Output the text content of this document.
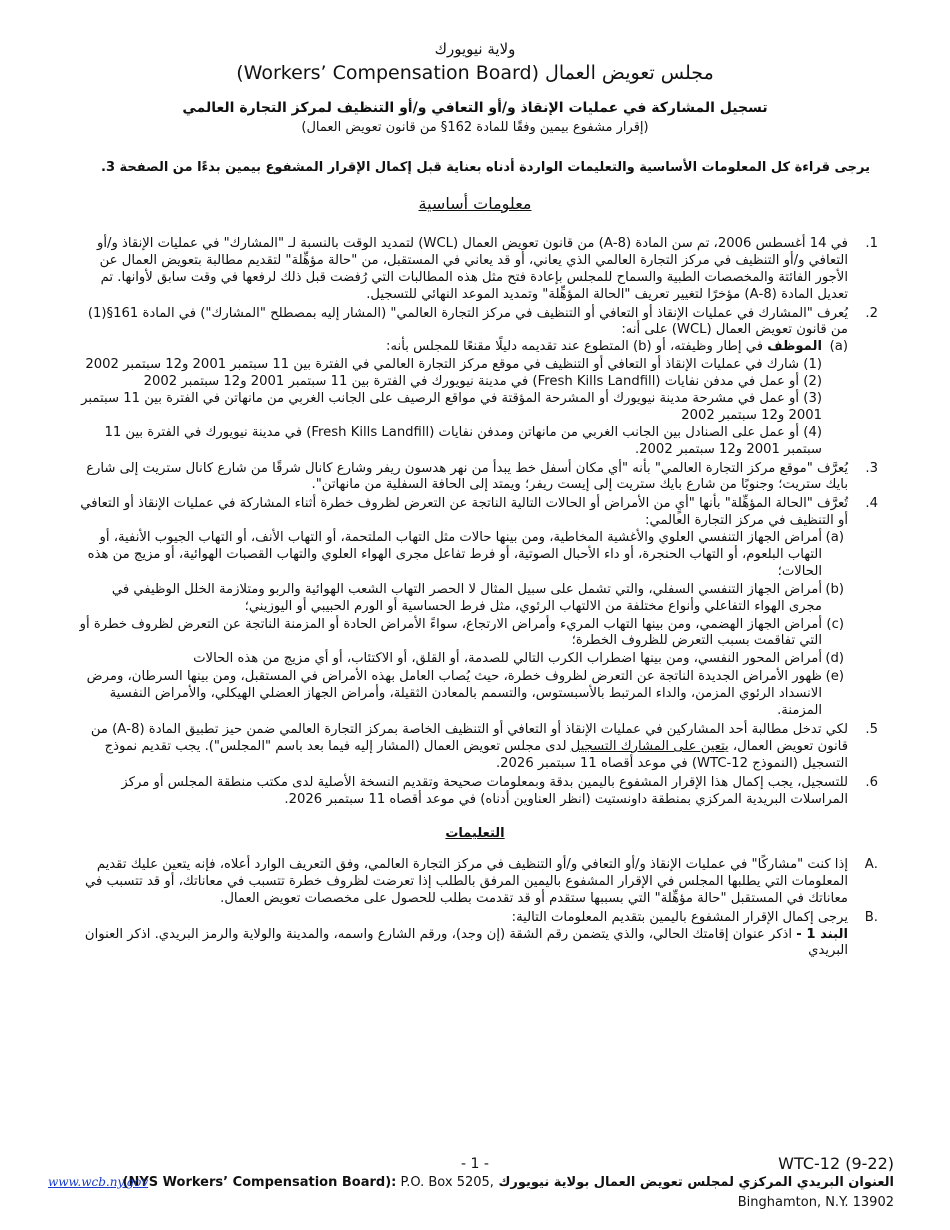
ولاية نيويورك
مجلس تعويض العمال (Workers’ Compensation Board)
تسجيل المشاركة في عمليات الإنقاذ و/أو التعافي و/أو التنظيف لمركز التجارة العالمي
(إقرار مشفوع بيمين وفقًا للمادة 162§ من قانون تعويض العمال)
يرجى قراءة كل المعلومات الأساسية والتعليمات الواردة أدناه بعناية قبل إكمال الإقرار المشفوع بيمين بدءًا من الصفحة 3.
معلومات أساسية
1.
في 14 أغسطس 2006، تم سن المادة (8-A) من قانون تعويض العمال (WCL) لتمديد الوقت بالنسبة لـ "المشارك" في عمليات الإنقاذ و/أو التعافي و/أو التنظيف في مركز التجارة العالمي الذي يعاني، أو قد يعاني في المستقبل، من "حالة مؤهِّلة" لتقديم مطالبة بتعويض العمال عن الأجور الفائتة والمخصصات الطبية والسماح للمجلس بإعادة فتح مثل هذه المطالبات التي رُفضت قبل ذلك لرفعها في وقت سابق لأوانها. تم تعديل المادة (8-A) مؤخرًا لتغيير تعريف "الحالة المؤهِّلة" وتمديد الموعد النهائي للتسجيل.
2.
يُعرف "المشارك في عمليات الإنقاذ أو التعافي أو التنظيف في مركز التجارة العالمي" (المشار إليه بمصطلح "المشارك") في المادة 161§(1) من قانون تعويض العمال (WCL) على أنه:
(a)
الموظف في إطار وظيفته، أو (b) المتطوع عند تقديمه دليلًا مقنعًا للمجلس بأنه:
(1) شارك في عمليات الإنقاذ أو التعافي أو التنظيف في موقع مركز التجارة العالمي في الفترة بين 11 سبتمبر 2001 و12 سبتمبر 2002
(2) أو عمل في مدفن نفايات (Fresh Kills Landfill) في مدينة نيويورك في الفترة بين 11 سبتمبر 2001 و12 سبتمبر 2002
(3) أو عمل في مشرحة مدينة نيويورك أو المشرحة المؤقتة في مواقع الرصيف على الجانب الغربي من مانهاتن في الفترة بين 11 سبتمبر 2001 و12 سبتمبر 2002
(4) أو عمل على الصنادل بين الجانب الغربي من مانهاتن ومدفن نفايات (Fresh Kills Landfill) في مدينة نيويورك في الفترة بين 11 سبتمبر 2001 و12 سبتمبر 2002.
3.
يُعرَّف "موقع مركز التجارة العالمي" بأنه "أي مكان أسفل خط يبدأ من نهر هدسون ريفر وشارع كانال شرقًا من شارع كانال ستريت إلى شارع بايك ستريت؛ وجنوبًا من شارع بايك ستريت إلى إيست ريفر؛ ويمتد إلى الحافة السفلية من مانهاتن".
4.
تُعرَّف "الحالة المؤهِّلة" بأنها "أيٍ من الأمراض أو الحالات التالية الناتجة عن التعرض لظروف خطرة أثناء المشاركة في عمليات الإنقاذ أو التعافي أو التنظيف في مركز التجارة العالمي:
(a)
أمراض الجهاز التنفسي العلوي والأغشية المخاطية، ومن بينها حالات مثل التهاب الملتحمة، أو التهاب الأنف، أو التهاب الجيوب الأنفية، أو التهاب البلعوم، أو التهاب الحنجرة، أو داء الأحبال الصوتية، أو فرط تفاعل مجرى الهواء العلوي والتهاب القصبات الهوائية، أو مزيج من هذه الحالات؛
(b)
أمراض الجهاز التنفسي السفلي، والتي تشمل على سبيل المثال لا الحصر التهاب الشعب الهوائية والربو ومتلازمة الخلل الوظيفي في مجرى الهواء التفاعلي وأنواع مختلفة من الالتهاب الرئوي، مثل فرط الحساسية أو الورم الحبيبي أو اليوزيني؛
(c)
أمراض الجهاز الهضمي، ومن بينها التهاب المريء وأمراض الارتجاع، سواءً الأمراض الحادة أو المزمنة الناتجة عن التعرض لظروف خطرة أو التي تفاقمت بسبب التعرض للظروف الخطرة؛
(d)
أمراض المحور النفسي، ومن بينها اضطراب الكرب التالي للصدمة، أو القلق، أو الاكتئاب، أو أي مزيج من هذه الحالات
(e)
ظهور الأمراض الجديدة الناتجة عن التعرض لظروف خطرة، حيث يُصاب العامل بهذه الأمراض في المستقبل، ومن بينها السرطان، ومرض الانسداد الرئوي المزمن، والداء المرتبط بالأسبستوس، والتسمم بالمعادن الثقيلة، وأمراض الجهاز العضلي الهيكلي، والأمراض النفسية المزمنة.
5.
لكي تدخل مطالبة أحد المشاركين في عمليات الإنقاذ أو التعافي أو التنظيف الخاصة بمركز التجارة العالمي ضمن حيز تطبيق المادة (8-A) من قانون تعويض العمال، يتعين على المشارك التسجيل لدى مجلس تعويض العمال (المشار إليه فيما بعد باسم "المجلس"). يجب تقديم نموذج التسجيل (النموذج WTC-12) في موعد أقصاه 11 سبتمبر 2026.
6.
للتسجيل، يجب إكمال هذا الإقرار المشفوع باليمين بدقة وبمعلومات صحيحة وتقديم النسخة الأصلية لدى مكتب منطقة المجلس أو مركز المراسلات البريدية المركزي بمنطقة داونستيت (انظر العناوين أدناه) في موعد أقصاه 11 سبتمبر 2026.
التعليمات
.A
إذا كنت "مشاركًا" في عمليات الإنقاذ و/أو التعافي و/أو التنظيف في مركز التجارة العالمي، وفق التعريف الوارد أعلاه، فإنه يتعين عليك تقديم المعلومات التي يطلبها المجلس في الإقرار المشفوع باليمين المرفق بالطلب إذا تعرضت لظروف خطرة تتسبب في معاناتك، أو قد تتسبب في معاناتك في المستقبل "حالة مؤهِّلة" التي بسببها ستقدم أو قد تقدمت بطلب للحصول على مخصصات تعويض العمال.
.B
يرجى إكمال الإقرار المشفوع باليمين بتقديم المعلومات التالية:
البند 1 - اذكر عنوان إقامتك الحالي، والذي يتضمن رقم الشقة (إن وجد)، ورقم الشارع واسمه، والمدينة والولاية والرمز البريدي. اذكر العنوان البريدي
- 1 -	WTC-12 (9-22)
العنوان البريدي المركزي لمجلس تعويض العمال بولاية نيويورك (NYS Workers’ Compensation Board): P.O. Box 5205,
Binghamton, N.Y. 13902
www.wcb.ny.gov
